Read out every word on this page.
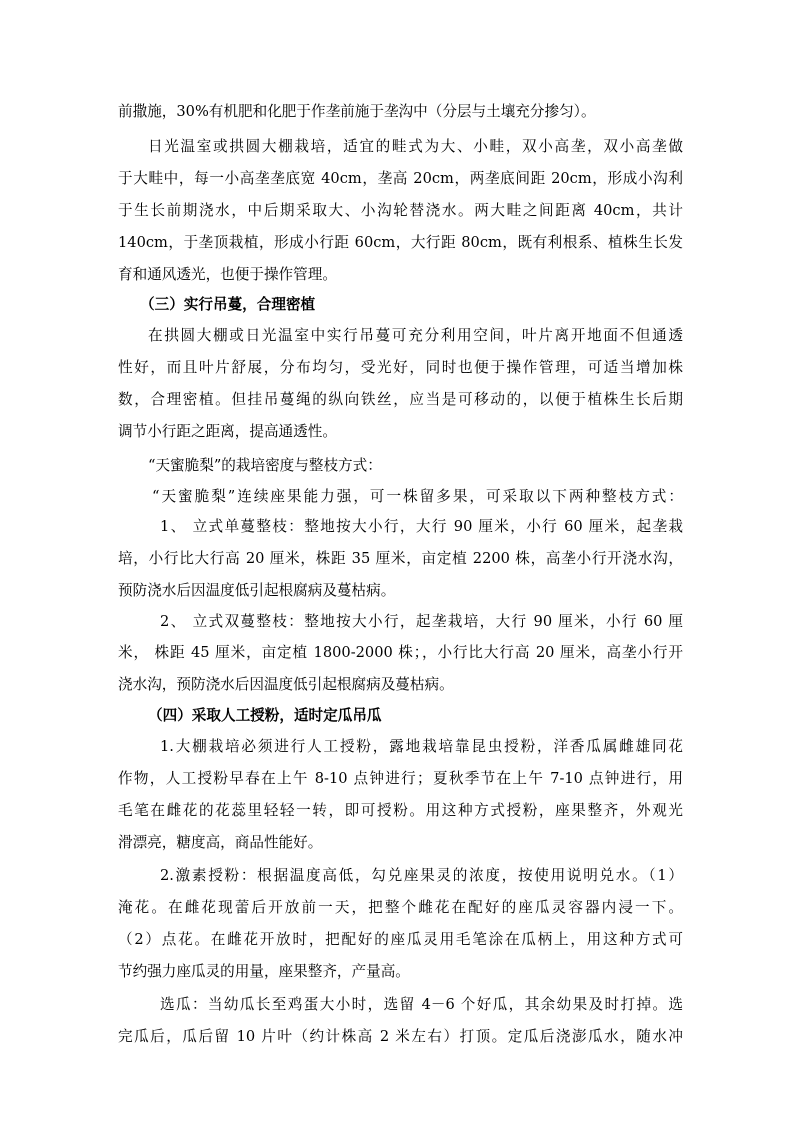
前撒施，30%有机肥和化肥于作垄前施于垄沟中（分层与土壤充分掺匀）。
日光温室或拱圆大棚栽培，适宜的畦式为大、小畦，双小高垄，双小高垄做
于大畦中，每一小高垄垄底宽 40cm，垄高 20cm，两垄底间距 20cm，形成小沟利
于生长前期浇水，中后期采取大、小沟轮替浇水。两大畦之间距离 40cm，共计
140cm，于垄顶栽植，形成小行距 60cm，大行距 80cm，既有利根系、植株生长发
育和通风透光，也便于操作管理。
（三）实行吊蔓，合理密植
在拱圆大棚或日光温室中实行吊蔓可充分利用空间，叶片离开地面不但通透
性好，而且叶片舒展，分布均匀，受光好，同时也便于操作管理，可适当增加株
数，合理密植。但挂吊蔓绳的纵向铁丝，应当是可移动的，以便于植株生长后期
调节小行距之距离，提高通透性。
“天蜜脆梨”的栽培密度与整枝方式：
“天蜜脆梨”连续座果能力强，可一株留多果，可采取以下两种整枝方式：
1、 立式单蔓整枝：整地按大小行，大行 90 厘米，小行 60 厘米，起垄栽
培，小行比大行高 20 厘米，株距 35 厘米，亩定植 2200 株，高垄小行开浇水沟，
预防浇水后因温度低引起根腐病及蔓枯病。
2、 立式双蔓整枝：整地按大小行，起垄栽培，大行 90 厘米，小行 60 厘
米， 株距 45 厘米，亩定植 1800-2000 株；，小行比大行高 20 厘米，高垄小行开
浇水沟，预防浇水后因温度低引起根腐病及蔓枯病。
（四）采取人工授粉，适时定瓜吊瓜
1.大棚栽培必须进行人工授粉，露地栽培靠昆虫授粉，洋香瓜属雌雄同花
作物，人工授粉早春在上午 8-10 点钟进行；夏秋季节在上午 7-10 点钟进行，用
毛笔在雌花的花蕊里轻轻一转，即可授粉。用这种方式授粉，座果整齐，外观光
滑漂亮，糖度高，商品性能好。
2.激素授粉：根据温度高低，勾兑座果灵的浓度，按使用说明兑水。（1）
淹花。在雌花现蕾后开放前一天，把整个雌花在配好的座瓜灵容器内浸一下。
（2）点花。在雌花开放时，把配好的座瓜灵用毛笔涂在瓜柄上，用这种方式可
节约强力座瓜灵的用量，座果整齐，产量高。
选瓜：当幼瓜长至鸡蛋大小时，选留 4－6 个好瓜，其余幼果及时打掉。选
完瓜后，瓜后留 10 片叶（约计株高 2 米左右）打顶。定瓜后浇澎瓜水，随水冲
